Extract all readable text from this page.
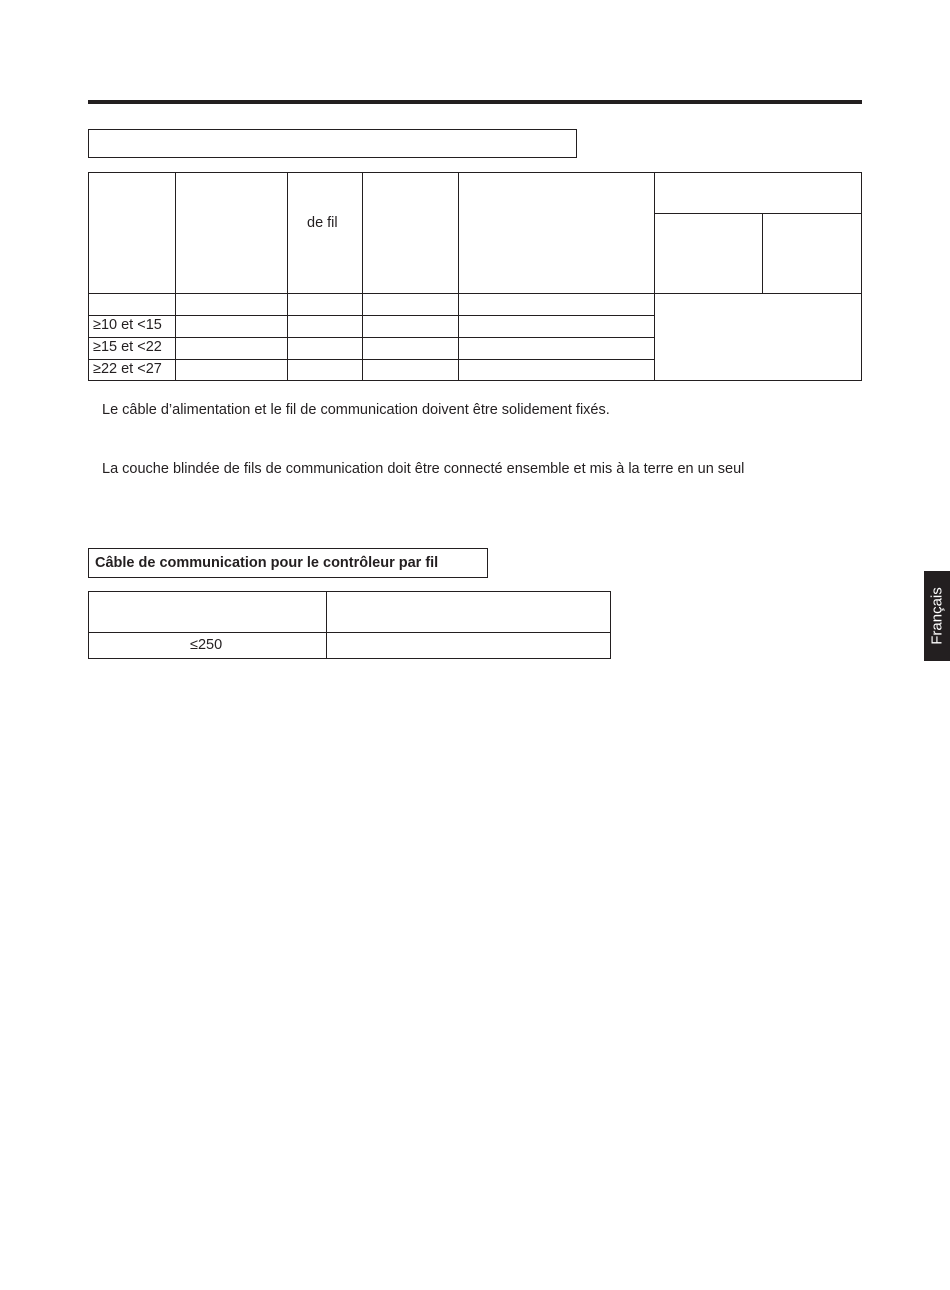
de fil
≥10 et <15
≥15 et <22
≥22 et <27
Le câble d’alimentation et le fil de communication doivent être solidement fixés.
La couche blindée de fils de communication doit être connecté ensemble et mis à la terre en un seul
Câble de communication pour le contrôleur par fil
≤250
Français
